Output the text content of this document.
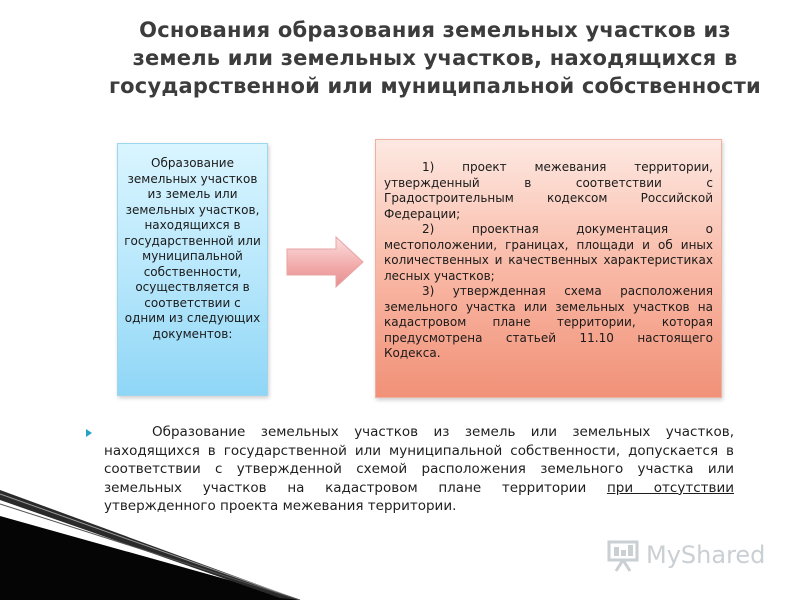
Основания образования земельных участков из
земель или земельных участков, находящихся в
государственной или муниципальной собственности
Образование земельных участков из земель или земельных участков, находящихся в государственной или муниципальной собственности, осуществляется в соответствии с одним из следующих документов:

1) проект межевания территории, утвержденный в соответствии с Градостроительным кодексом Российской Федерации;

2) проектная документация о местоположении, границах, площади и об иных количественных и качественных характеристиках лесных участков;

3) утвержденная схема расположения земельного участка или земельных участков на кадастровом плане территории, которая предусмотрена статьей 11.10 настоящего Кодекса.

Образование земельных участков из земель или земельных участков, находящихся в государственной или муниципальной собственности, допускается в соответствии с утвержденной схемой расположения земельного участка или земельных участков на кадастровом плане территории при отсутствии утвержденного проекта межевания территории.

MyShared
